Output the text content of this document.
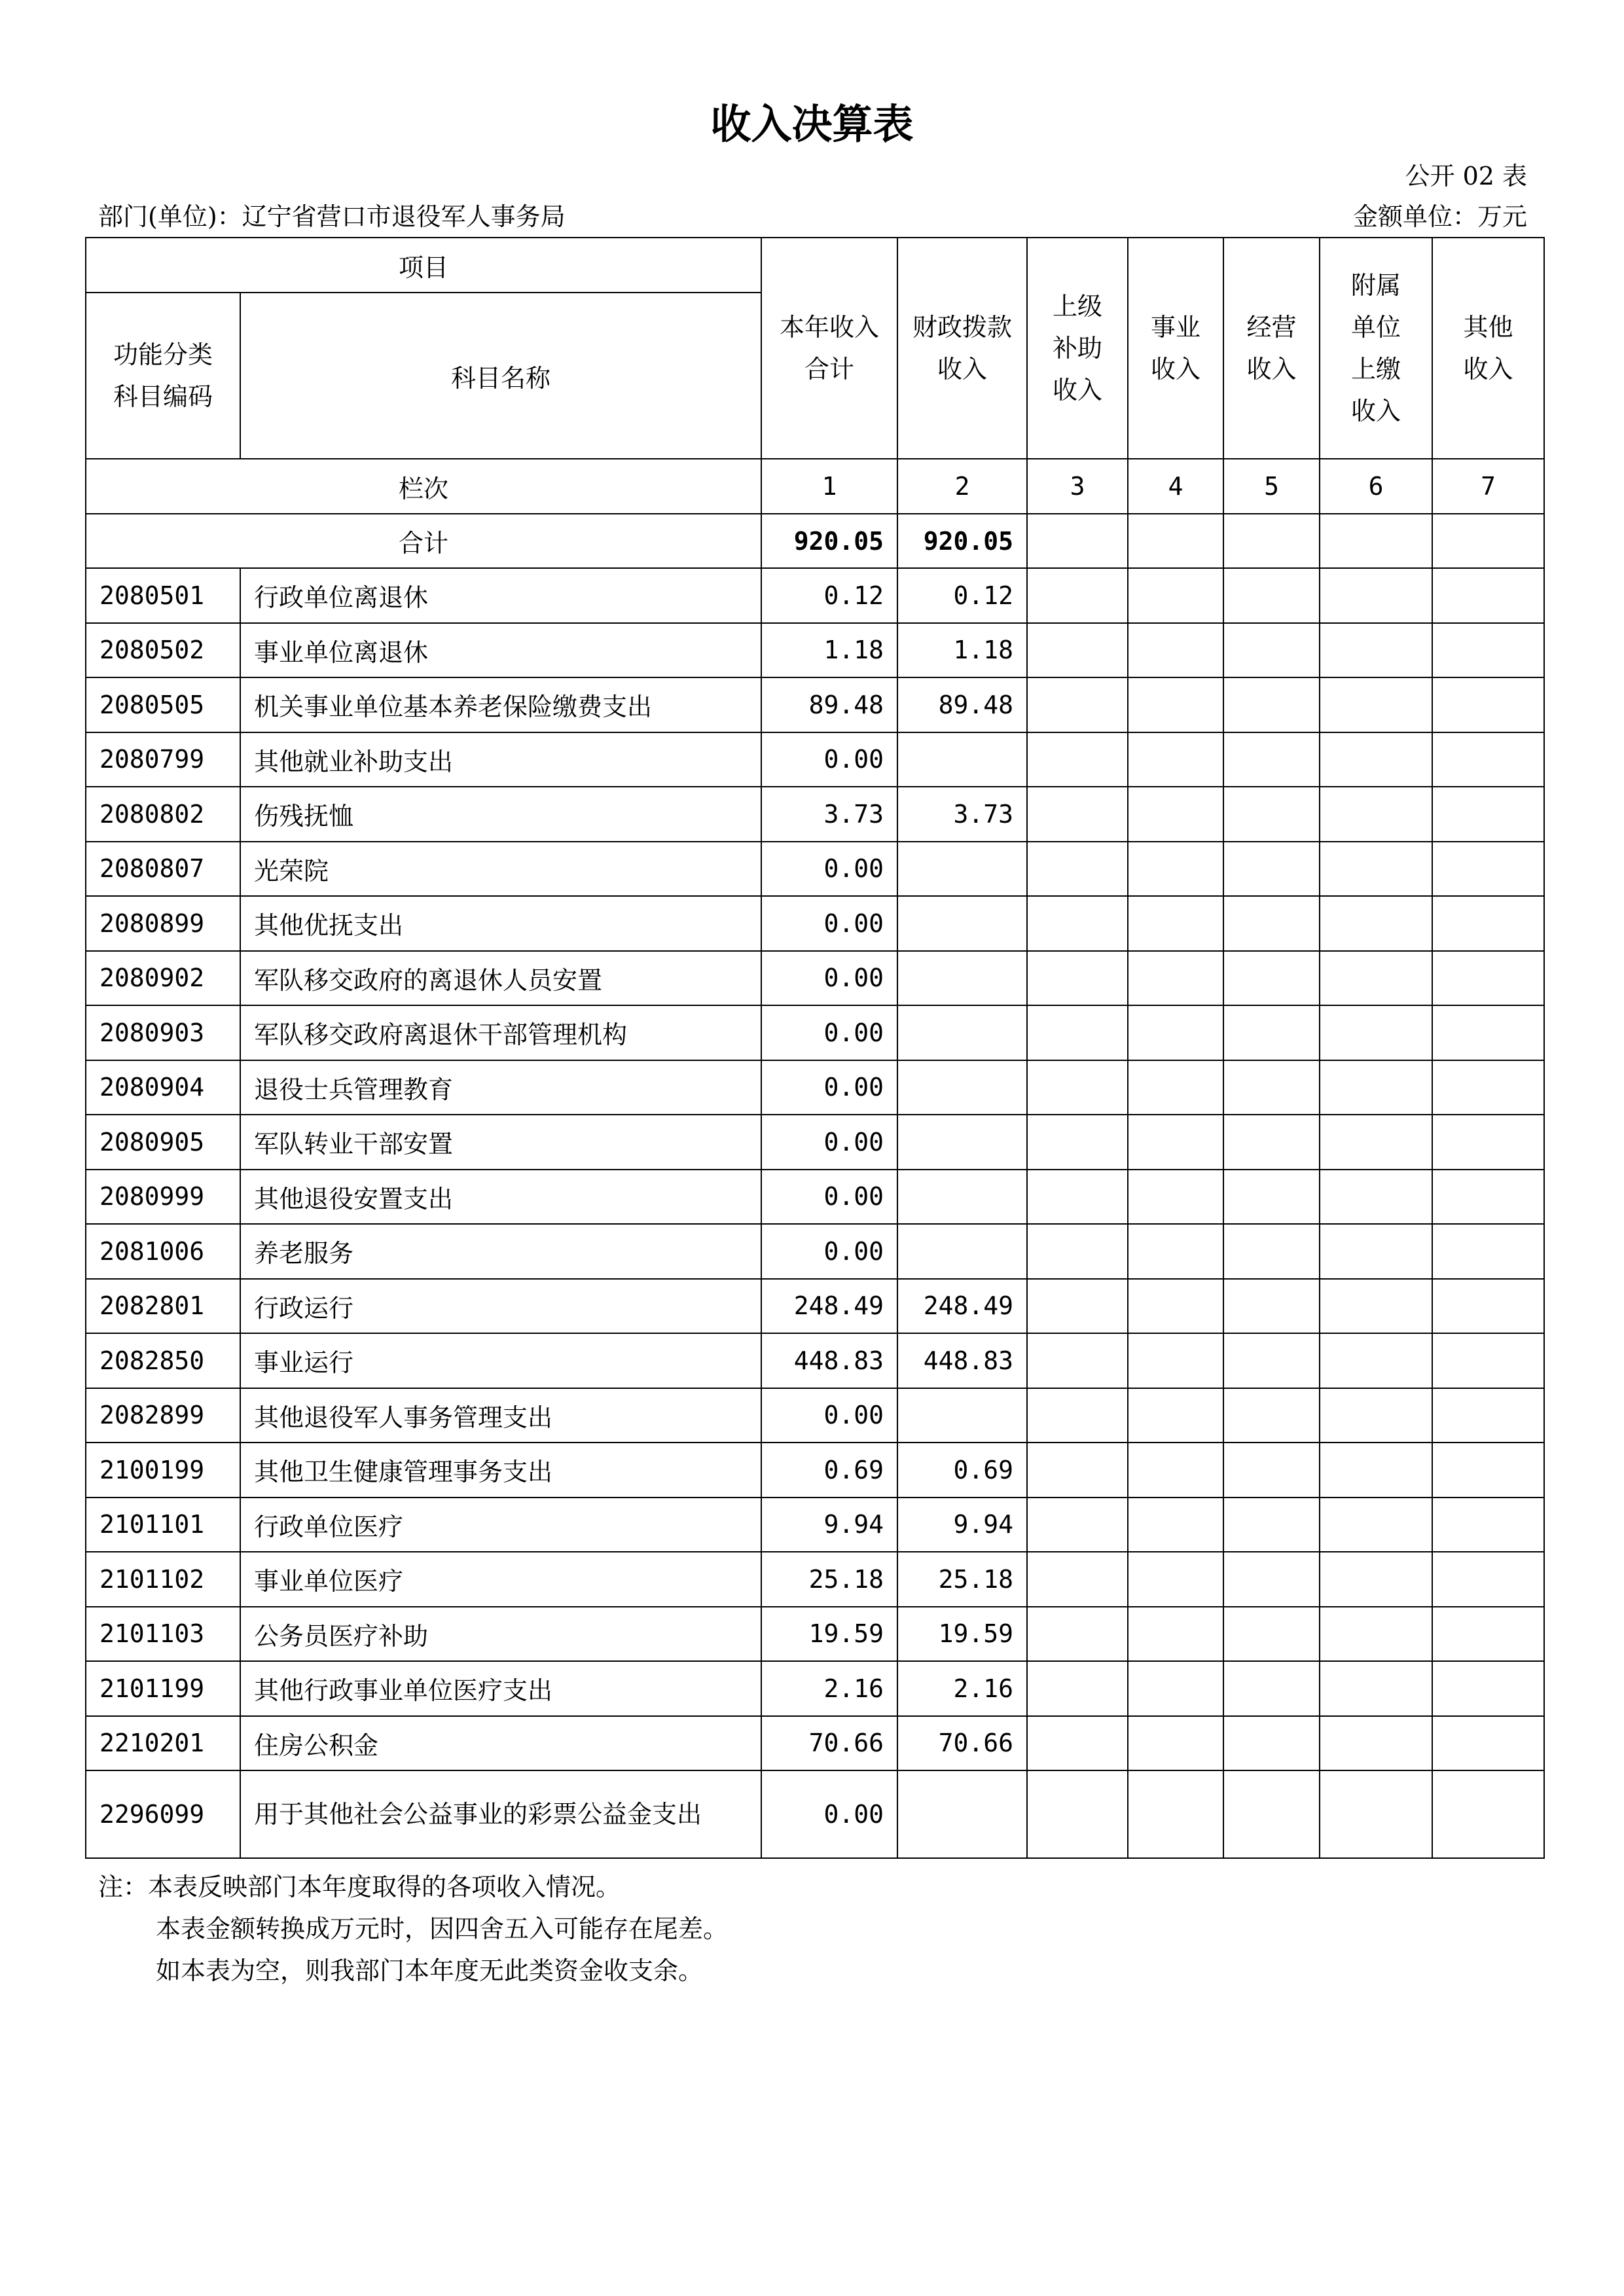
收入决算表
公开 02 表
部门(单位)：辽宁省营口市退役军人事务局	金额单位：万元
项目		本年收入合计	财政拨款收入	上级补助收入	事业收入	经营收入	附属单位上缴收入	其他收入

功能分类科目编码	科目名称							
栏次		1	2	3	4	5	6	7
合计		920.05	920.05					
2080501	行政单位离退休	0.12	0.12					
2080502	事业单位离退休	1.18	1.18					
2080505	机关事业单位基本养老保险缴费支出	89.48	89.48					
2080799	其他就业补助支出	0.00						
2080802	伤残抚恤	3.73	3.73					
2080807	光荣院	0.00						
2080899	其他优抚支出	0.00						
2080902	军队移交政府的离退休人员安置	0.00						
2080903	军队移交政府离退休干部管理机构	0.00						
2080904	退役士兵管理教育	0.00						
2080905	军队转业干部安置	0.00						
2080999	其他退役安置支出	0.00						
2081006	养老服务	0.00						
2082801	行政运行	248.49	248.49					
2082850	事业运行	448.83	448.83					
2082899	其他退役军人事务管理支出	0.00						
2100199	其他卫生健康管理事务支出	0.69	0.69					
2101101	行政单位医疗	9.94	9.94					
2101102	事业单位医疗	25.18	25.18					
2101103	公务员医疗补助	19.59	19.59					
2101199	其他行政事业单位医疗支出	2.16	2.16					
2210201	住房公积金	70.66	70.66					
2296099	用于其他社会公益事业的彩票公益金支出	0.00						
注：本表反映部门本年度取得的各项收入情况。
本表金额转换成万元时，因四舍五入可能存在尾差。
如本表为空，则我部门本年度无此类资金收支余。
